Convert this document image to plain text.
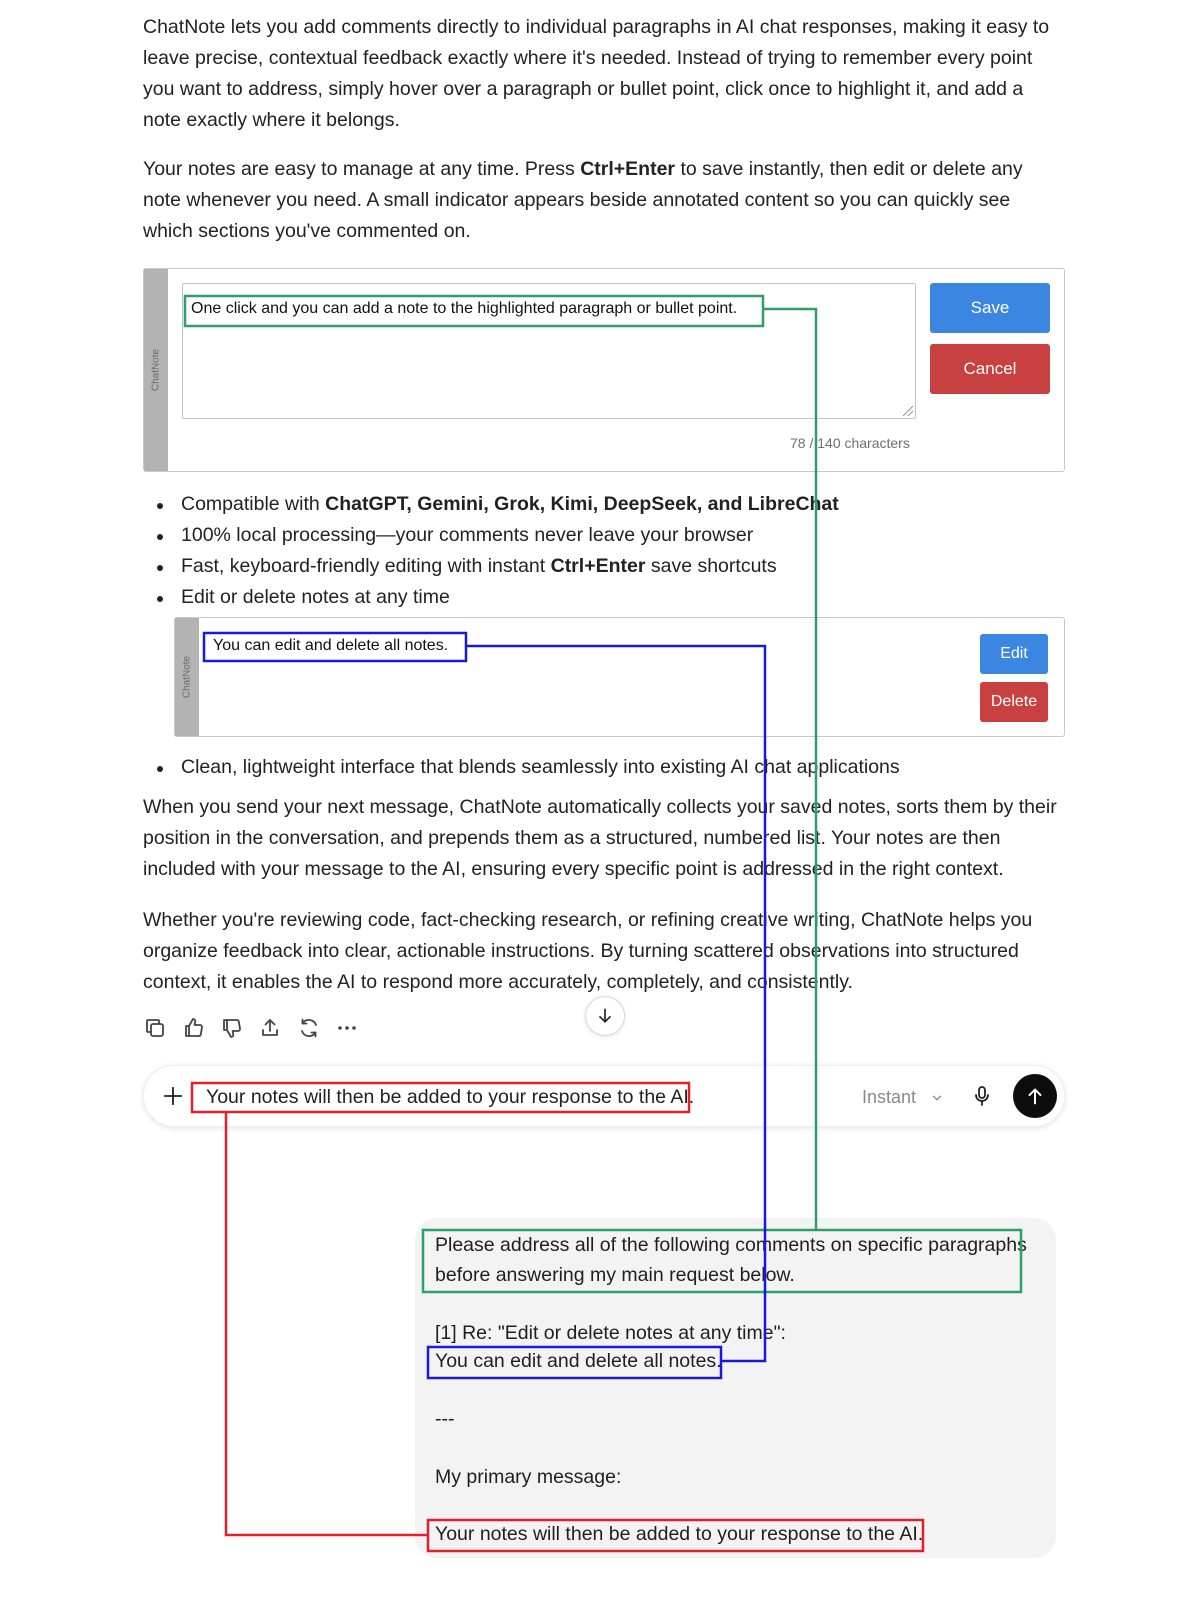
ChatNote lets you add comments directly to individual paragraphs in AI chat responses, making it easy to leave precise, contextual feedback exactly where it's needed. Instead of trying to remember every point you want to address, simply hover over a paragraph or bullet point, click once to highlight it, and add a note exactly where it belongs.
Your notes are easy to manage at any time. Press Ctrl+Enter to save instantly, then edit or delete any note whenever you need. A small indicator appears beside annotated content so you can quickly see which sections you've commented on.
ChatNote
One click and you can add a note to the highlighted paragraph or bullet point.	Save
Cancel
78 / 140 characters
Compatible with ChatGPT, Gemini, Grok, Kimi, DeepSeek, and LibreChat
100% local processing—your comments never leave your browser
Fast, keyboard-friendly editing with instant Ctrl+Enter save shortcuts
Edit or delete notes at any time
Clean, lightweight interface that blends seamlessly into existing AI chat applications
ChatNote
You can edit and delete all notes.	Edit
Delete
When you send your next message, ChatNote automatically collects your saved notes, sorts them by their position in the conversation, and prepends them as a structured, numbered list. Your notes are then included with your message to the AI, ensuring every specific point is addressed in the right context.
Whether you're reviewing code, fact-checking research, or refining creative writing, ChatNote helps you organize feedback into clear, actionable instructions. By turning scattered observations into structured context, it enables the AI to respond more accurately, completely, and consistently.
Your notes will then be added to your response to the AI.	Instant
Please address all of the following comments on specific paragraphs
before answering my main request below.
[1] Re: "Edit or delete notes at any time":
You can edit and delete all notes.
---
My primary message:
Your notes will then be added to your response to the AI.
